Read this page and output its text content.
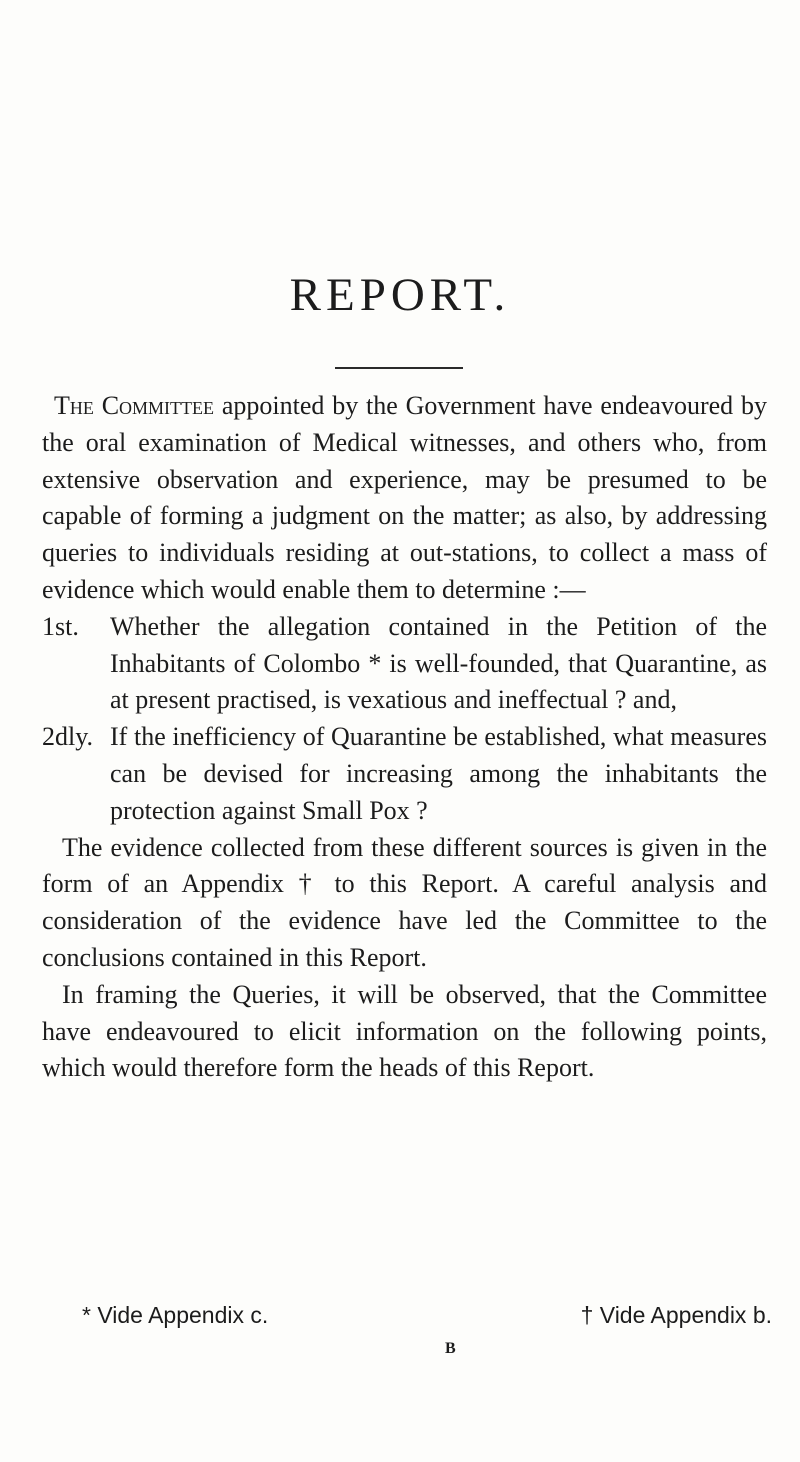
REPORT.

The Committee appointed by the Government have endeavoured by the oral examination of Medical witnesses, and others who, from extensive observation and experience, may be presumed to be capable of forming a judgment on the matter; as also, by addressing queries to individuals residing at out-stations, to collect a mass of evidence which would enable them to determine :—

1st. Whether the allegation contained in the Petition of the Inhabitants of Colombo * is well-founded, that Quarantine, as at present practised, is vexatious and ineffectual ? and,

2dly. If the inefficiency of Quarantine be established, what measures can be devised for increasing among the inhabitants the protection against Small Pox ?

The evidence collected from these different sources is given in the form of an Appendix † to this Report. A careful analysis and consideration of the evidence have led the Committee to the conclusions contained in this Report.

In framing the Queries, it will be observed, that the Committee have endeavoured to elicit information on the following points, which would therefore form the heads of this Report.

* Vide Appendix c.	† Vide Appendix b.
B
